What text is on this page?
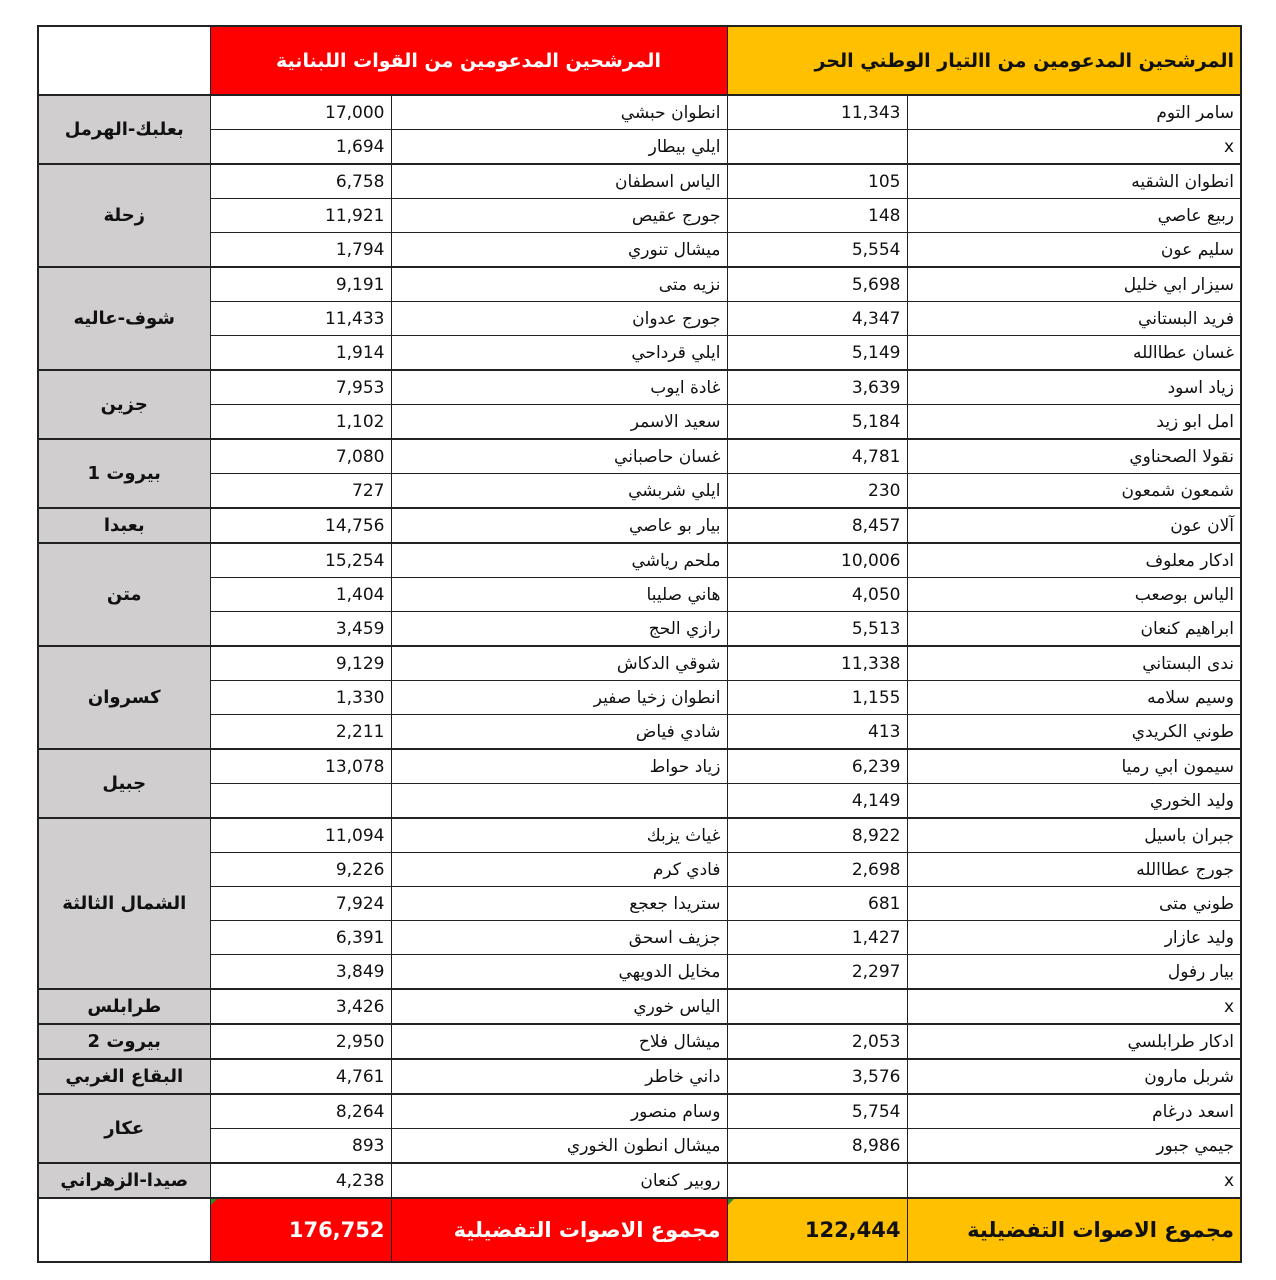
	المرشحين المدعومين من القوات اللبنانية		المرشحين المدعومين من االتيار الوطني الحر	
بعلبك-الهرمل	17,000	انطوان حبشي	11,343	سامر التوم
	1,694	ايلي بيطار		x
زحلة	6,758	الياس اسطفان	105	انطوان الشقيه
	11,921	جورج عقيص	148	ربيع عاصي
	1,794	ميشال تنوري	5,554	سليم عون
شوف-عاليه	9,191	نزيه متى	5,698	سيزار ابي خليل
	11,433	جورج عدوان	4,347	فريد البستاني
	1,914	ايلي قرداحي	5,149	غسان عطاالله
جزين	7,953	غادة ايوب	3,639	زياد اسود
	1,102	سعيد الاسمر	5,184	امل ابو زيد
بيروت 1	7,080	غسان حاصباني	4,781	نقولا الصحناوي
	727	ايلي شربشي	230	شمعون شمعون
بعبدا	14,756	بيار بو عاصي	8,457	آلان عون
متن	15,254	ملحم رياشي	10,006	ادكار معلوف
	1,404	هاني صليبا	4,050	الياس بوصعب
	3,459	رازي الحج	5,513	ابراهيم كنعان
كسروان	9,129	شوقي الدكاش	11,338	ندى البستاني
	1,330	انطوان زخيا صفير	1,155	وسيم سلامه
	2,211	شادي فياض	413	طوني الكريدي
جبيل	13,078	زياد حواط	6,239	سيمون ابي رميا
			4,149	وليد الخوري
الشمال الثالثة	11,094	غياث يزبك	8,922	جبران باسيل
	9,226	فادي كرم	2,698	جورج عطاالله
	7,924	ستريدا جعجع	681	طوني متى
	6,391	جزيف اسحق	1,427	وليد عازار
	3,849	مخايل الدويهي	2,297	بيار رفول
طرابلس	3,426	الياس خوري		x
بيروت 2	2,950	ميشال فلاح	2,053	ادكار طرابلسي
البقاع الغربي	4,761	داني خاطر	3,576	شربل مارون
عكار	8,264	وسام منصور	5,754	اسعد درغام
	893	ميشال انطون الخوري	8,986	جيمي جبور
صيدا-الزهراني	4,238	روبير كنعان		x
	176,752	مجموع الاصوات التفضيلية	122,444	مجموع الاصوات التفضيلية
